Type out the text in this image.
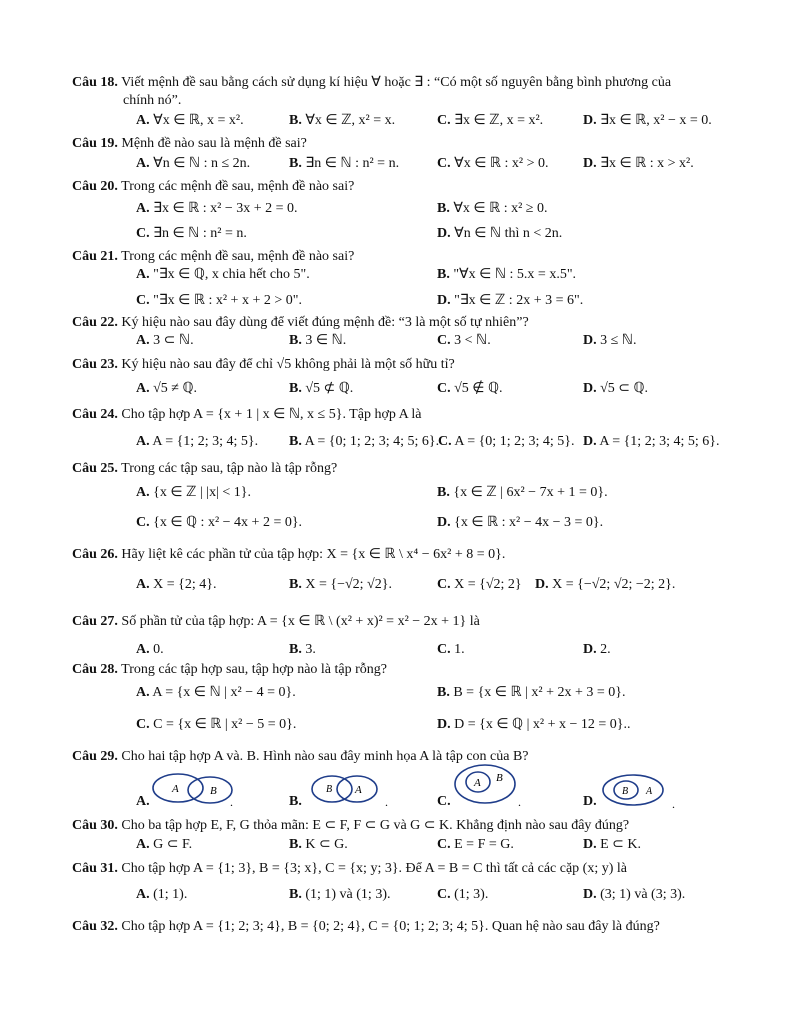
Câu 18. Viết mệnh đề sau bằng cách sử dụng kí hiệu ∀ hoặc ∃ : “Có một số nguyên bằng bình phương của
chính nó”.
A. ∀x ∈ ℝ, x = x².	B. ∀x ∈ ℤ, x² = x.	C. ∃x ∈ ℤ, x = x².	D. ∃x ∈ ℝ, x² − x = 0.
Câu 19. Mệnh đề nào sau là mệnh đề sai?
A. ∀n ∈ ℕ : n ≤ 2n.	B. ∃n ∈ ℕ : n² = n.	C. ∀x ∈ ℝ : x² > 0. D. ∃x ∈ ℝ : x > x².
Câu 20. Trong các mệnh đề sau, mệnh đề nào sai?
A. ∃x ∈ ℝ : x² − 3x + 2 = 0.	B. ∀x ∈ ℝ : x² ≥ 0.
C. ∃n ∈ ℕ : n² = n.	D. ∀n ∈ ℕ thì n < 2n.
Câu 21. Trong các mệnh đề sau, mệnh đề nào sai?
A. "∃x ∈ ℚ, x chia hết cho 5".	B. "∀x ∈ ℕ : 5.x = x.5".
C. "∃x ∈ ℝ : x² + x + 2 > 0".	D. "∃x ∈ ℤ : 2x + 3 = 6".
Câu 22. Ký hiệu nào sau đây dùng để viết đúng mệnh đề: “3 là một số tự nhiên”?
A. 3 ⊂ ℕ.	B. 3 ∈ ℕ.	C. 3 < ℕ.	D. 3 ≤ ℕ.
Câu 23. Ký hiệu nào sau đây để chỉ √5 không phải là một số hữu tỉ?
A. √5 ≠ ℚ.	B. √5 ⊄ ℚ.	C. √5 ∉ ℚ.	D. √5 ⊂ ℚ.
Câu 24. Cho tập hợp A = {x + 1 | x ∈ ℕ, x ≤ 5}. Tập hợp A là
A. A = {1; 2; 3; 4; 5}. B. A = {0; 1; 2; 3; 4; 5; 6}.
C. A = {0; 1; 2; 3; 4; 5}. D. A = {1; 2; 3; 4; 5; 6}.
Câu 25. Trong các tập sau, tập nào là tập rỗng?
A. {x ∈ ℤ | |x| < 1}.	B. {x ∈ ℤ | 6x² − 7x + 1 = 0}.
C. {x ∈ ℚ : x² − 4x + 2 = 0}.	D. {x ∈ ℝ : x² − 4x − 3 = 0}.
Câu 26. Hãy liệt kê các phần tử của tập hợp: X = {x ∈ ℝ \ x⁴ − 6x² + 8 = 0}.
A. X = {2; 4}.	B. X = {−√2; √2}.	C. X = {√2; 2} D. X = {−√2; √2; −2; 2}.
Câu 27. Số phần tử của tập hợp: A = {x ∈ ℝ \ (x² + x)² = x² − 2x + 1} là
A. 0.	B. 3.	C. 1.	D. 2.
Câu 28. Trong các tập hợp sau, tập hợp nào là tập rỗng?
A. A = {x ∈ ℕ | x² − 4 = 0}.	B. B = {x ∈ ℝ | x² + 2x + 3 = 0}.
C. C = {x ∈ ℝ | x² − 5 = 0}.	D. D = {x ∈ ℚ | x² + x − 12 = 0}..
Câu 29. Cho hai tập hợp A và. B. Hình nào sau đây minh họa A là tập con của B?
A.	B.	C.	D.
A	B
.
B A
.
A B
.
B A
.
Câu 30. Cho ba tập hợp E, F, G thỏa mãn: E ⊂ F, F ⊂ G và G ⊂ K. Khẳng định nào sau đây đúng?
A. G ⊂ F.	B. K ⊂ G.	C. E = F = G.	D. E ⊂ K.
Câu 31. Cho tập hợp A = {1; 3}, B = {3; x}, C = {x; y; 3}. Để A = B = C thì tất cả các cặp (x; y) là
A. (1; 1).	B. (1; 1) và (1; 3).	C. (1; 3).	D. (3; 1) và (3; 3).
Câu 32. Cho tập hợp A = {1; 2; 3; 4}, B = {0; 2; 4}, C = {0; 1; 2; 3; 4; 5}. Quan hệ nào sau đây là đúng?
